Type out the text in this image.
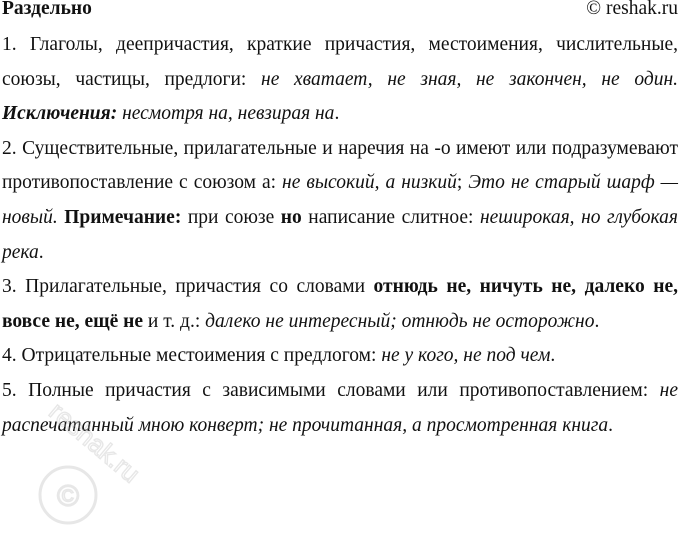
Раздельно	© reshak.ru

1. Глаголы, деепричастия, краткие причастия, местоимения, числительные, союзы, частицы, предлоги: не хватает, не зная, не закончен, не один. Исключения: несмотря на, невзирая на.

2. Существительные, прилагательные и наречия на -о имеют или подразумевают противопоставление с союзом а: не высокий, а низкий; Это не старый шарф — новый. Примечание: при союзе но написание слитное: неширокая, но глубокая река.

3. Прилагательные, причастия со словами отнюдь не, ничуть не, далеко не, вовсе не, ещё не и т. д.: далеко не интересный; отнюдь не осторожно.

4. Отрицательные местоимения с предлогом: не у кого, не под чем.

5. Полные причастия с зависимыми словами или противопоставлением: не распечатанный мною конверт; не прочитанная, а просмотренная книга.

©
reshak.ru
